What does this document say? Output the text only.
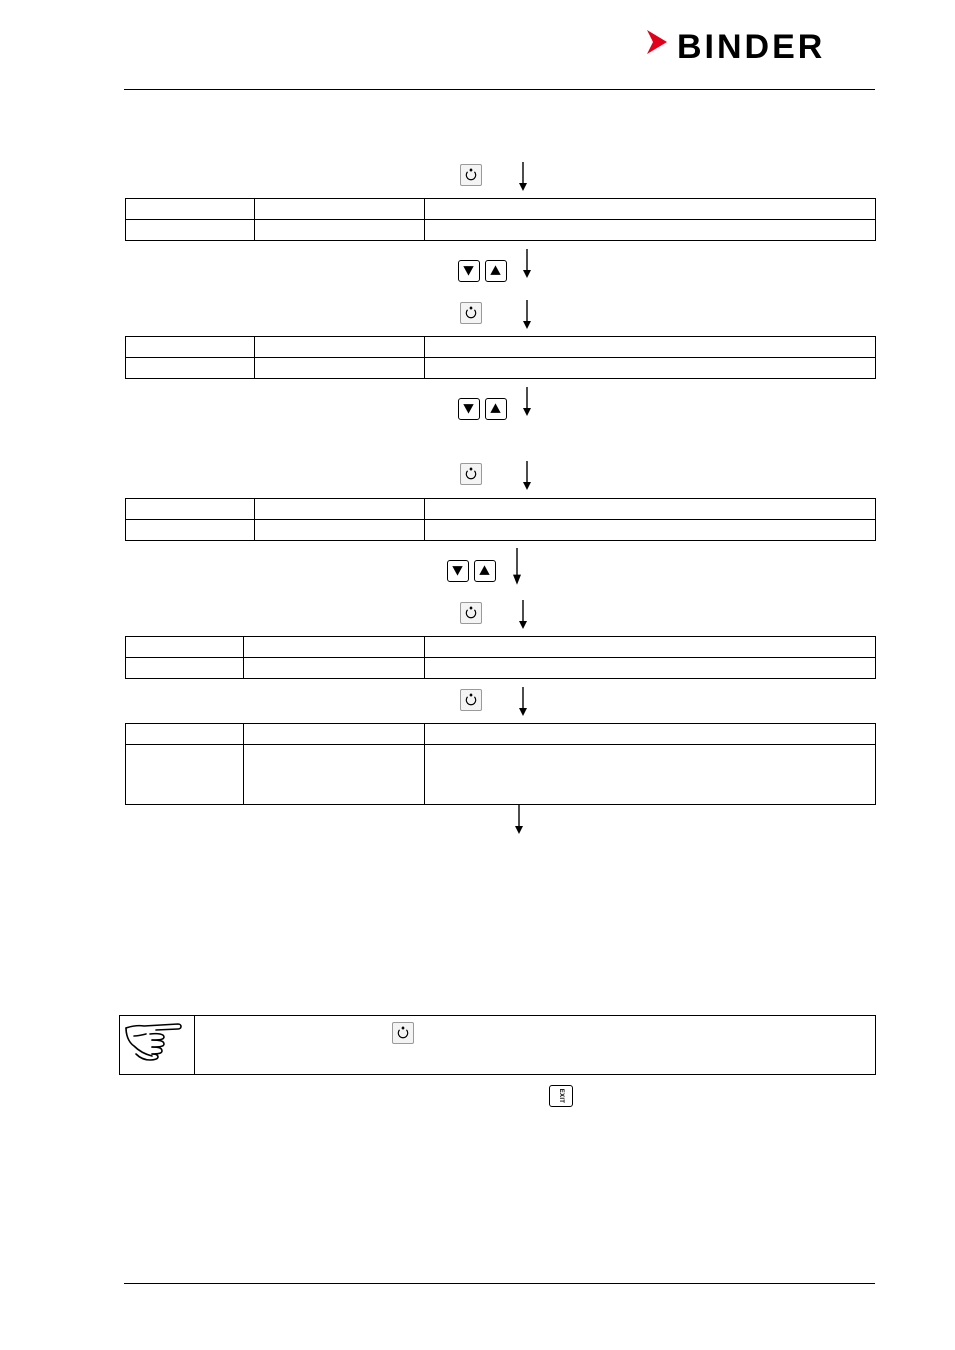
BINDER

EXIT
